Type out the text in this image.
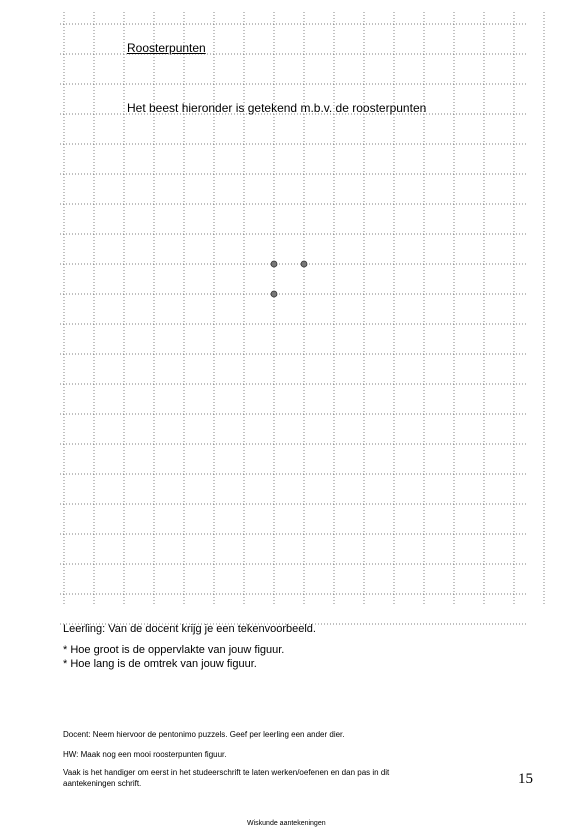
Roosterpunten
Het beest hieronder is getekend m.b.v. de roosterpunten
Leerling: Van de docent krijg je een tekenvoorbeeld.
* Hoe groot is de oppervlakte van jouw figuur.
* Hoe lang is de omtrek van jouw figuur.
Docent: Neem hiervoor de pentonimo puzzels. Geef per leerling een ander dier.
HW: Maak nog een mooi roosterpunten figuur.
Vaak is het handiger om eerst in het studeerschrift te laten werken/oefenen en dan pas in dit
aantekeningen schrift.	15
Wiskunde aantekeningen
